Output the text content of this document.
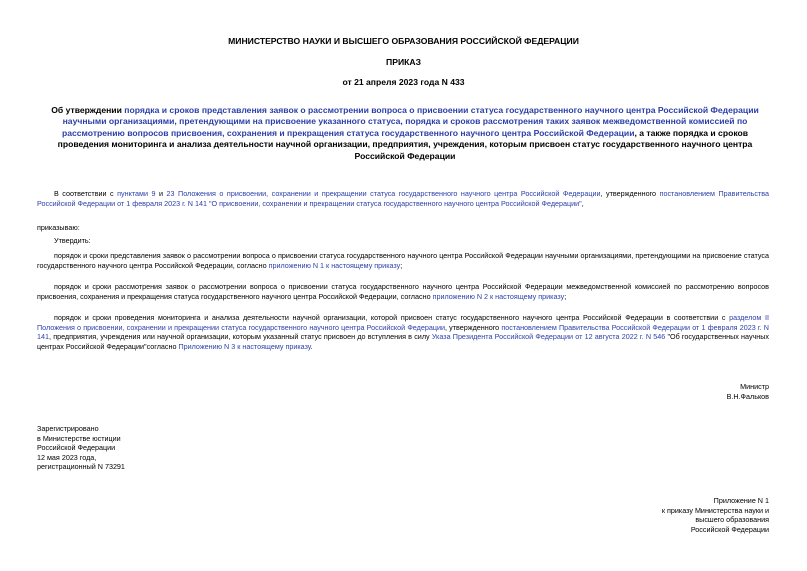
МИНИСТЕРСТВО НАУКИ И ВЫСШЕГО ОБРАЗОВАНИЯ РОССИЙСКОЙ ФЕДЕРАЦИИ
ПРИКАЗ
от 21 апреля 2023 года N 433
Об утверждении порядка и сроков представления заявок о рассмотрении вопроса о присвоении статуса государственного научного центра Российской Федерации научными организациями, претендующими на присвоение указанного статуса, порядка и сроков рассмотрения таких заявок межведомственной комиссией по рассмотрению вопросов присвоения, сохранения и прекращения статуса государственного научного центра Российской Федерации, а также порядка и сроков проведения мониторинга и анализа деятельности научной организации, предприятия, учреждения, которым присвоен статус государственного научного центра Российской Федерации
В соответствии с пунктами 9 и 23 Положения о присвоении, сохранении и прекращении статуса государственного научного центра Российской Федерации, утвержденного постановлением Правительства Российской Федерации от 1 февраля 2023 г. N 141 "О присвоении, сохранении и прекращении статуса государственного научного центра Российской Федерации",
приказываю:
Утвердить:
порядок и сроки представления заявок о рассмотрении вопроса о присвоении статуса государственного научного центра Российской Федерации научными организациями, претендующими на присвоение статуса государственного научного центра Российской Федерации, согласно приложению N 1 к настоящему приказу;
порядок и сроки рассмотрения заявок о рассмотрении вопроса о присвоении статуса государственного научного центра Российской Федерации межведомственной комиссией по рассмотрению вопросов присвоения, сохранения и прекращения статуса государственного научного центра Российской Федерации, согласно приложению N 2 к настоящему приказу;
порядок и сроки проведения мониторинга и анализа деятельности научной организации, которой присвоен статус государственного научного центра Российской Федерации в соответствии с разделом II Положения о присвоении, сохранении и прекращении статуса государственного научного центра Российской Федерации, утвержденного постановлением Правительства Российской Федерации от 1 февраля 2023 г. N 141, предприятия, учреждения или научной организации, которым указанный статус присвоен до вступления в силу Указа Президента Российской Федерации от 12 августа 2022 г. N 546 "Об государственных научных центрах Российской Федерации"согласно Приложению N 3 к настоящему приказу.
Министр
В.Н.Фальков
Зарегистрировано
в Министерстве юстиции
Российской Федерации
12 мая 2023 года,
регистрационный N 73291
Приложение N 1
к приказу Министерства науки и
высшего образования
Российской Федерации
